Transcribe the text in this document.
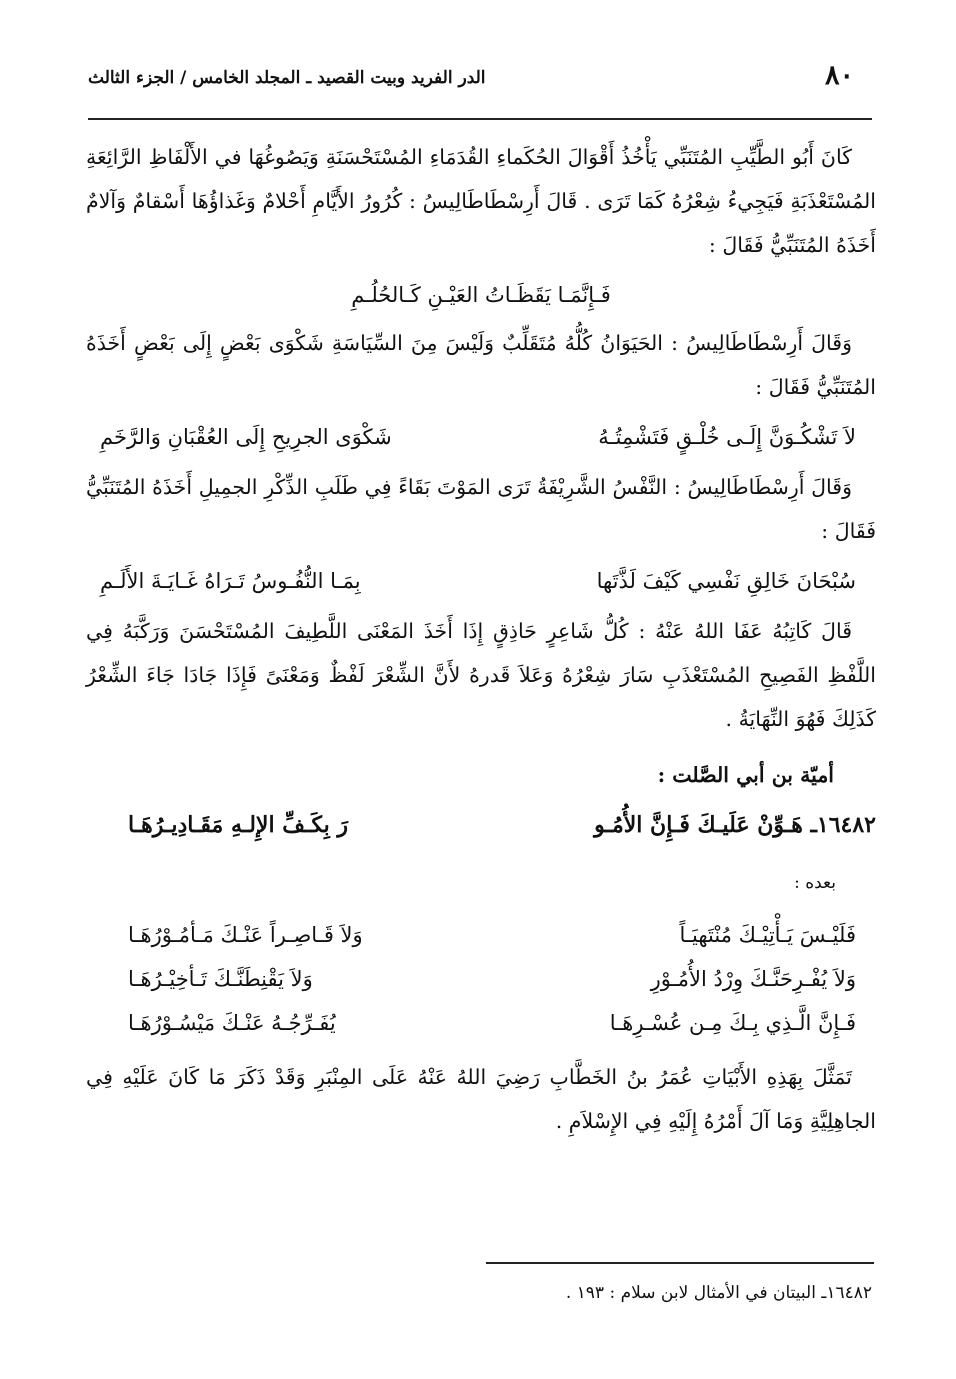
٨٠
الدر الفريد وبيت القصيد ـ المجلد الخامس / الجزء الثالث

كَانَ أَبُو الطَّيِّبِ المُتَنَبِّي يَأْخُذُ أَقْوَالَ الحُكَماءِ القُدَمَاءِ المُسْتَحْسَنَةِ وَيَصُوغُهَا في الأَلْفَاظِ الرَّائِعَةِ المُسْتَعْذَبَةِ فَيَجِيءُ شِعْرُهُ كَمَا تَرَى . قَالَ أَرِسْطَاطَالِيسُ : كُرُورُ الأَيَّامِ أَحْلامٌ وَغَذاؤُهَا أَسْقامٌ وَآلامٌ أَخَذَهُ المُتَنَبِّيُّ فَقَالَ :

فَـإِنَّمَـا يَقَظَـاتُ العَيْـنِ كَـالحُلُـمِ

وَقَالَ أَرِسْطَاطَالِيسُ : الحَيَوَانُ كُلُّهُ مُتَقَلِّبٌ وَلَيْسَ مِنَ السِّيَاسَةِ شَكْوَى بَعْضٍ إِلَى بَعْضٍ أَخَذَهُ المُتَنَبِّيُّ فَقَالَ :

لاَ تَشْكُـوَنَّ إِلَـى خُلْـقٍ فَتَشْمِتُـهُ
شَكْوَى الجرِيحِ إِلَى العُقْبَانِ وَالرَّخَمِ

وَقَالَ أَرِسْطَاطَالِيسُ : النَّفْسُ الشَّرِيْفَةُ تَرَى المَوْتَ بَقَاءً فِي طَلَبِ الذِّكْرِ الجمِيلِ أَخَذَهُ المُتَنَبِّيُّ فَقَالَ :

سُبْحَانَ خَالِقِ نَفْسِي كَيْفَ لَذَّتَها
بِمَـا النُّفُـوسُ تَـرَاهُ غَـايَـةَ الأَلَـمِ

قَالَ كَاتِبُهُ عَفَا اللهُ عَنْهُ : كُلُّ شَاعِرٍ حَاذِقٍ إِذَا أَخَذَ المَعْنَى اللَّطِيفَ المُسْتَحْسَنَ وَرَكَّبَهُ فِي اللَّفْظِ الفَصِيحِ المُسْتَعْذَبِ سَارَ شِعْرُهُ وَعَلاَ قَدرهُ لأَنَّ الشِّعْرَ لَفْظٌ وَمَعْنَىً فَإِذَا جَادَا جَاءَ الشِّعْرُ كَذَلِكَ فَهُوَ النِّهَايَةُ .

أميّة بن أبي الصَّلت :

١٦٤٨٢ـ هَـوِّنْ عَلَيـكَ فَـإِنَّ الأُمُـو
رَ بِكَـفِّ الإِلـهِ مَقَـادِيـرُهَـا

بعده :

فَلَيْـسَ يَـأْتِيْـكَ مُنْتَهيَـاً
وَلاَ قَـاصِـراً عَنْـكَ مَـأمُـوْرُهَـا
وَلاَ يُفْـرِحَنَّـكَ وِرْدُ الأُمُـوْرِ
وَلاَ يَقْنِطَنَّـكَ تَـأخِيْـرُهَـا
فَـإِنَّ الَّـذِي بِـكَ مِـن عُسْـرِهَـا
يُفَـرِّجُـهُ عَنْـكَ مَيْسُـوْرُهَـا

تَمَثَّلَ بِهَذِهِ الأَبْيَاتِ عُمَرُ بنُ الخَطَّابِ رَضِيَ اللهُ عَنْهُ عَلَى المِنْبَرِ وَقَدْ ذَكَرَ مَا كَانَ عَلَيْهِ فِي الجاهِلِيَّةِ وَمَا آلَ أَمْرُهُ إِلَيْهِ فِي الإِسْلاَمِ .

١٦٤٨٢ـ البيتان في الأمثال لابن سلام : ١٩٣ .
